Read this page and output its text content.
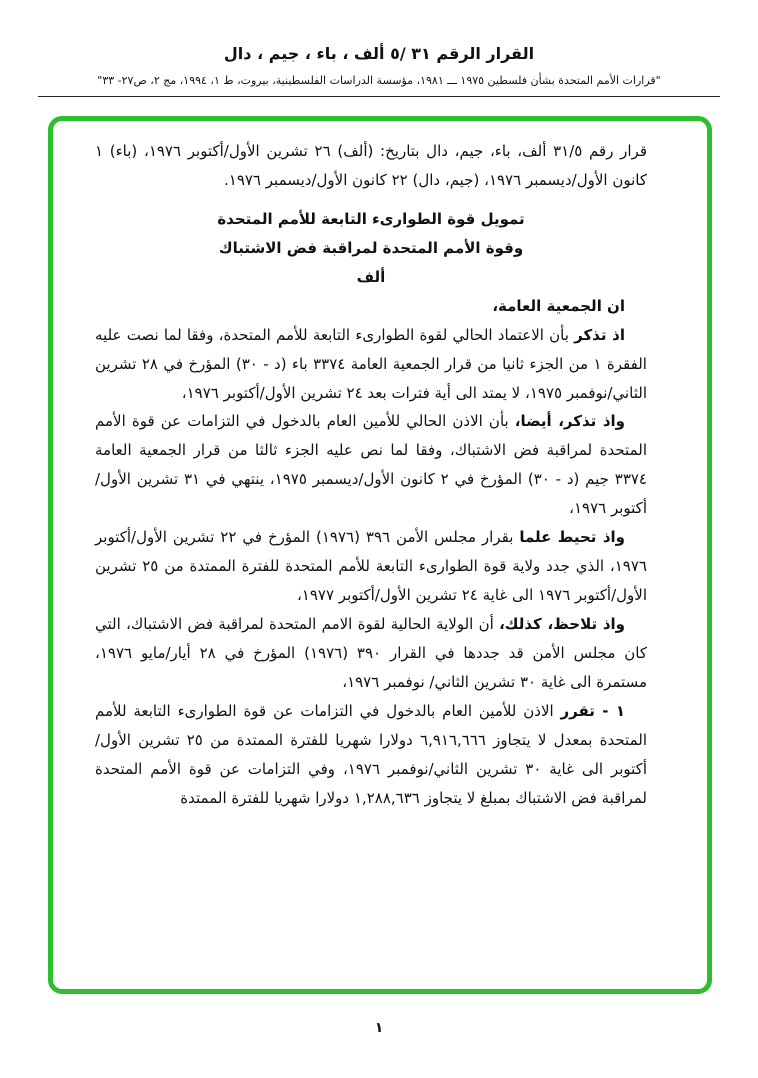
القرار الرقم ٣١ /٥ ألف ، باء ، جيم ، دال
"قرارات الأمم المتحدة بشأن فلسطين ١٩٧٥ ـــ ١٩٨١، مؤسسة الدراسات الفلسطينية، بيروت، ط ١، ١٩٩٤، مج ٢، ص٢٧- ٣٣"

قرار رقم ٣١/٥ ألف، باء، جيم، دال بتاريخ: (ألف) ٢٦ تشرين الأول/أكتوبر ١٩٧٦، (باء) ١ كانون الأول/ديسمبر ١٩٧٦، (جيم، دال) ٢٢ كانون الأول/ديسمبر ١٩٧٦.

تمويل قوة الطوارىء التابعة للأمم المتحدة

وقوة الأمم المتحدة لمراقبة فض الاشتباك

ألف

ان الجمعية العامة،

اذ تذكر بأن الاعتماد الحالي لقوة الطوارىء التابعة للأمم المتحدة، وفقا لما نصت عليه الفقرة ١ من الجزء ثانيا من قرار الجمعية العامة ٣٣٧٤ باء (د - ٣٠) المؤرخ في ٢٨ تشرين الثاني/نوفمبر ١٩٧٥، لا يمتد الى أية فترات بعد ٢٤ تشرين الأول/أكتوبر ١٩٧٦،

واذ تذكر، أيضا، بأن الاذن الحالي للأمين العام بالدخول في التزامات عن قوة الأمم المتحدة لمراقبة فض الاشتباك، وفقا لما نص عليه الجزء ثالثا من قرار الجمعية العامة ٣٣٧٤ جيم (د - ٣٠) المؤرخ في ٢ كانون الأول/ديسمبر ١٩٧٥، ينتهي في ٣١ تشرين الأول/أكتوبر ١٩٧٦،

واذ تحيط علما بقرار مجلس الأمن ٣٩٦ (١٩٧٦) المؤرخ في ٢٢ تشرين الأول/أكتوبر ١٩٧٦، الذي جدد ولاية قوة الطوارىء التابعة للأمم المتحدة للفترة الممتدة من ٢٥ تشرين الأول/أكتوبر ١٩٧٦ الى غاية ٢٤ تشرين الأول/أكتوبر ١٩٧٧،

واذ تلاحظ، كذلك، أن الولاية الحالية لقوة الامم المتحدة لمراقبة فض الاشتباك، التي كان مجلس الأمن قد جددها في القرار ٣٩٠ (١٩٧٦) المؤرخ في ٢٨ أيار/مايو ١٩٧٦، مستمرة الى غاية ٣٠ تشرين الثاني/ نوفمبر ١٩٧٦،

١ - تقرر الاذن للأمين العام بالدخول في التزامات عن قوة الطوارىء التابعة للأمم المتحدة بمعدل لا يتجاوز ٦,٩١٦,٦٦٦ دولارا شهريا للفترة الممتدة من ٢٥ تشرين الأول/أكتوبر الى غاية ٣٠ تشرين الثاني/نوفمبر ١٩٧٦، وفي التزامات عن قوة الأمم المتحدة لمراقبة فض الاشتباك بمبلغ لا يتجاوز ١,٢٨٨,٦٣٦ دولارا شهريا للفترة الممتدة

١
